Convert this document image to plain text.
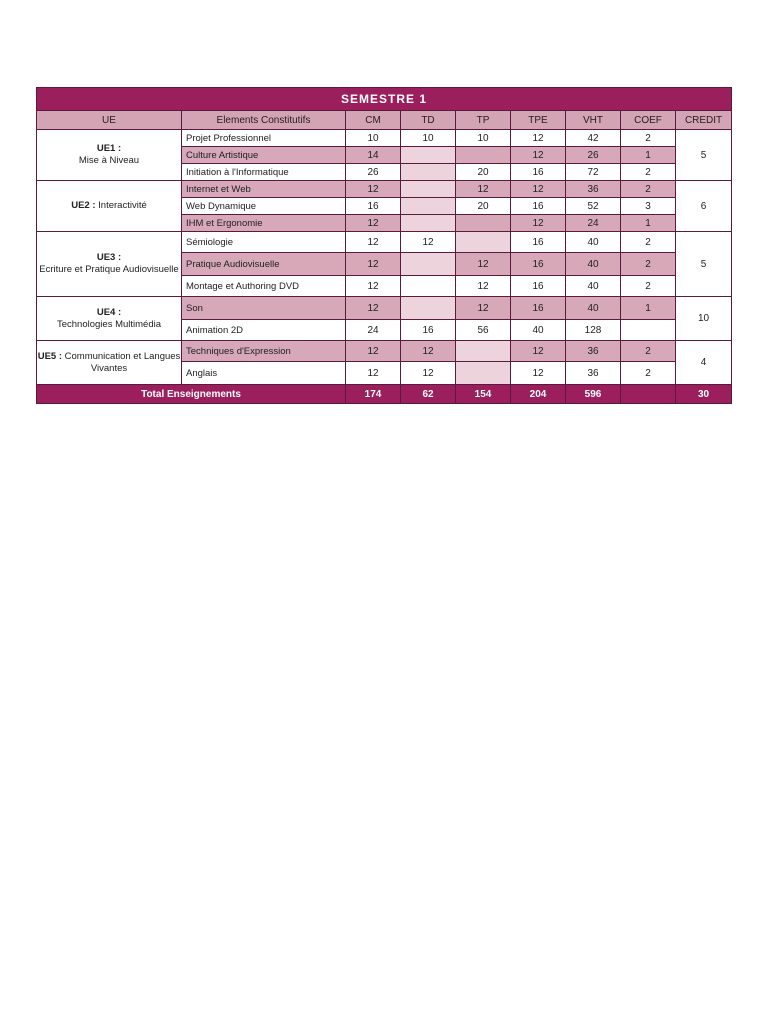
SEMESTRE 1								
UE	Elements Constitutifs	CM	TD	TP	TPE	VHT	COEF	CREDIT
UE1 :
Mise à Niveau	Projet Professionnel	10	10	10	12	42	2	5
	Culture Artistique	14			12	26	1	
	Initiation à l'Informatique	26		20	16	72	2	
UE2 : Interactivité	Internet et Web	12		12	12	36	2	6
	Web Dynamique	16		20	16	52	3	
	IHM et Ergonomie	12			12	24	1	
UE3 :
Ecriture et Pratique Audiovisuelle	Sémiologie	12	12		16	40	2	5
	Pratique Audiovisuelle	12		12	16	40	2	
	Montage et Authoring DVD	12		12	16	40	2	
UE4 :
Technologies Multimédia	Son	12		12	16	40	1	10
	Animation 2D	24	16	56	40	128		
UE5 : Communication et Langues Vivantes	Techniques d'Expression	12	12		12	36	2	4
	Anglais	12	12		12	36	2	
Total Enseignements		174	62	154	204	596		30
